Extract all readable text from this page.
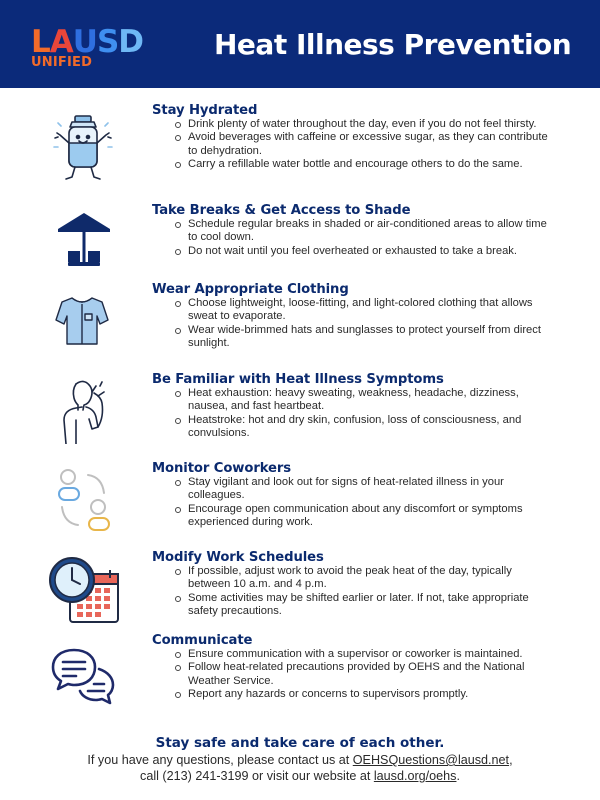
LAUSD
UNIFIED
Heat Illness Prevention
Stay Hydrated
Drink plenty of water throughout the day, even if you do not feel thirsty.
Avoid beverages with caffeine or excessive sugar, as they can contribute to dehydration.
Carry a refillable water bottle and encourage others to do the same.
Take Breaks & Get Access to Shade
Schedule regular breaks in shaded or air-conditioned areas to allow time to cool down.
Do not wait until you feel overheated or exhausted to take a break.
Wear Appropriate Clothing
Choose lightweight, loose-fitting, and light-colored clothing that allows sweat to evaporate.
Wear wide-brimmed hats and sunglasses to protect yourself from direct sunlight.
Be Familiar with Heat Illness Symptoms
Heat exhaustion: heavy sweating, weakness, headache, dizziness, nausea, and fast heartbeat.
Heatstroke: hot and dry skin, confusion, loss of consciousness, and convulsions.
Monitor Coworkers
Stay vigilant and look out for signs of heat-related illness in your colleagues.
Encourage open communication about any discomfort or symptoms experienced during work.
Modify Work Schedules
If possible, adjust work to avoid the peak heat of the day, typically between 10 a.m. and 4 p.m.
Some activities may be shifted earlier or later. If not, take appropriate safety precautions.
Communicate
Ensure communication with a supervisor or coworker is maintained.
Follow heat-related precautions provided by OEHS and the National Weather Service.
Report any hazards or concerns to supervisors promptly.
Stay safe and take care of each other.
If you have any questions, please contact us at OEHSQuestions@lausd.net,
call (213) 241-3199 or visit our website at lausd.org/oehs.
